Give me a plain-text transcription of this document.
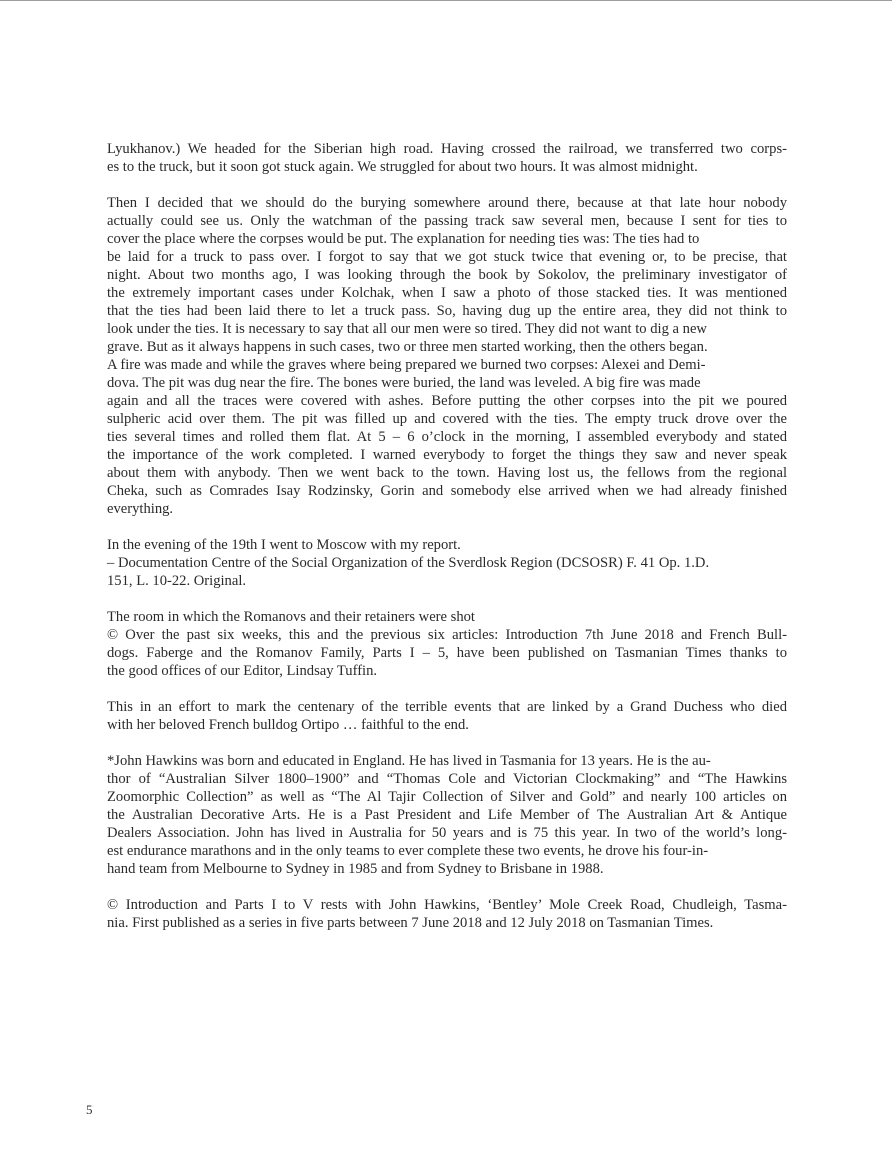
Lyukhanov.) We headed for the Siberian high road. Having crossed the railroad, we transferred two corps-
es to the truck, but it soon got stuck again. We struggled for about two hours. It was almost midnight.

Then I decided that we should do the burying somewhere around there, because at that late hour nobody
actually could see us. Only the watchman of the passing track saw several men, because I sent for ties to
cover the place where the corpses would be put. The explanation for needing ties was: The ties had to
be laid for a truck to pass over. I forgot to say that we got stuck twice that evening or, to be precise, that
night. About two months ago, I was looking through the book by Sokolov, the preliminary investigator of
the extremely important cases under Kolchak, when I saw a photo of those stacked ties. It was mentioned
that the ties had been laid there to let a truck pass. So, having dug up the entire area, they did not think to
look under the ties. It is necessary to say that all our men were so tired. They did not want to dig a new
grave. But as it always happens in such cases, two or three men started working, then the others began.
A fire was made and while the graves where being prepared we burned two corpses: Alexei and Demi-
dova. The pit was dug near the fire. The bones were buried, the land was leveled. A big fire was made
again and all the traces were covered with ashes. Before putting the other corpses into the pit we poured
sulpheric acid over them. The pit was filled up and covered with the ties. The empty truck drove over the
ties several times and rolled them flat. At 5 – 6 o’clock in the morning, I assembled everybody and stated
the importance of the work completed. I warned everybody to forget the things they saw and never speak
about them with anybody. Then we went back to the town. Having lost us, the fellows from the regional
Cheka, such as Comrades Isay Rodzinsky, Gorin and somebody else arrived when we had already finished
everything.

In the evening of the 19th I went to Moscow with my report.
– Documentation Centre of the Social Organization of the Sverdlosk Region (DCSOSR) F. 41 Op. 1.D.
151, L. 10-22. Original.

The room in which the Romanovs and their retainers were shot
© Over the past six weeks, this and the previous six articles: Introduction 7th June 2018 and French Bull-
dogs. Faberge and the Romanov Family, Parts I – 5, have been published on Tasmanian Times thanks to
the good offices of our Editor, Lindsay Tuffin.

This in an effort to mark the centenary of the terrible events that are linked by a Grand Duchess who died
with her beloved French bulldog Ortipo … faithful to the end.

*John Hawkins was born and educated in England. He has lived in Tasmania for 13 years. He is the au-
thor of “Australian Silver 1800–1900” and “Thomas Cole and Victorian Clockmaking” and “The Hawkins
Zoomorphic Collection” as well as “The Al Tajir Collection of Silver and Gold” and nearly 100 articles on
the Australian Decorative Arts. He is a Past President and Life Member of The Australian Art & Antique
Dealers Association. John has lived in Australia for 50 years and is 75 this year. In two of the world’s long-
est endurance marathons and in the only teams to ever complete these two events, he drove his four-in-
hand team from Melbourne to Sydney in 1985 and from Sydney to Brisbane in 1988.

© Introduction and Parts I to V rests with John Hawkins, ‘Bentley’ Mole Creek Road, Chudleigh, Tasma-
nia. First published as a series in five parts between 7 June 2018 and 12 July 2018 on Tasmanian Times.

5
